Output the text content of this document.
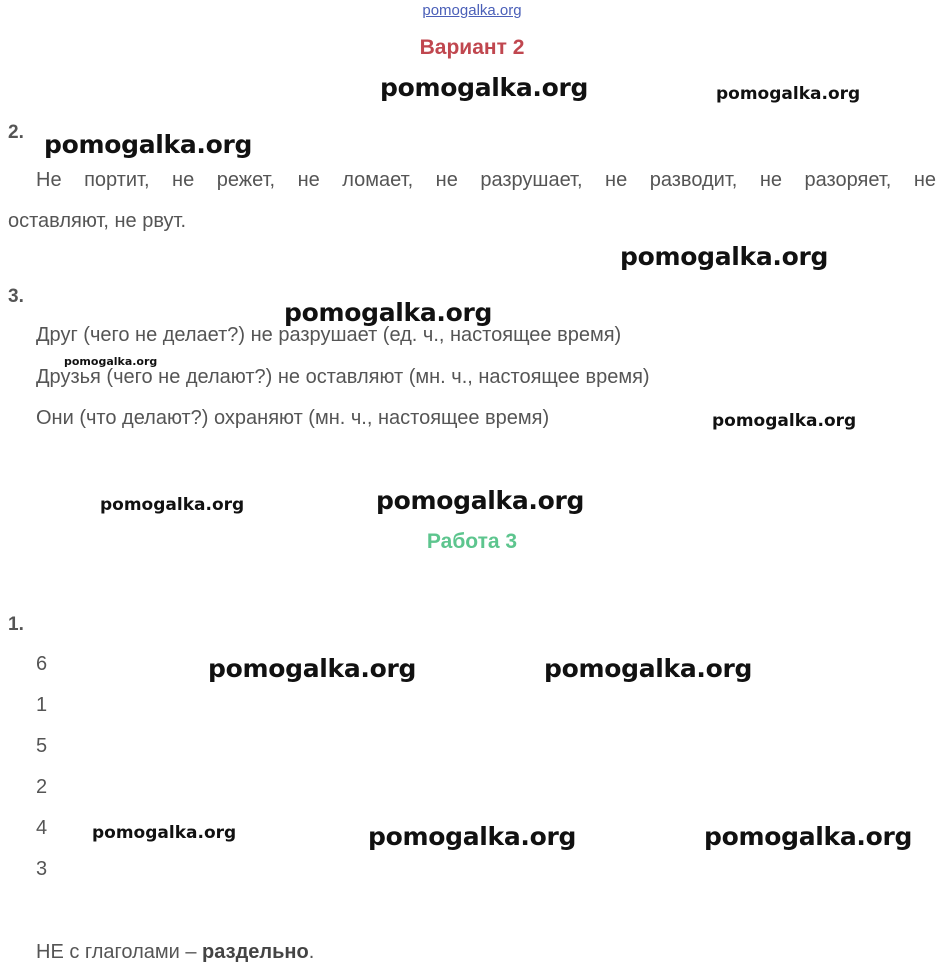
pomogalka.org
Вариант 2
2.
Не портит, не режет, не ломает, не разрушает, не разводит, не разоряет, не
оставляют, не рвут.
3.
Друг (чего не делает?) не разрушает (ед. ч., настоящее время)
Друзья (чего не делают?) не оставляют (мн. ч., настоящее время)
Они (что делают?) охраняют (мн. ч., настоящее время)
Работа 3
1.
6
1
5
2
4
3
НЕ с глаголами – раздельно.
pomogalka.org	pomogalka.org
pomogalka.org
pomogalka.org
pomogalka.org
pomogalka.org
pomogalka.org
pomogalka.org	pomogalka.org
pomogalka.org	pomogalka.org
pomogalka.org	pomogalka.org	pomogalka.org
